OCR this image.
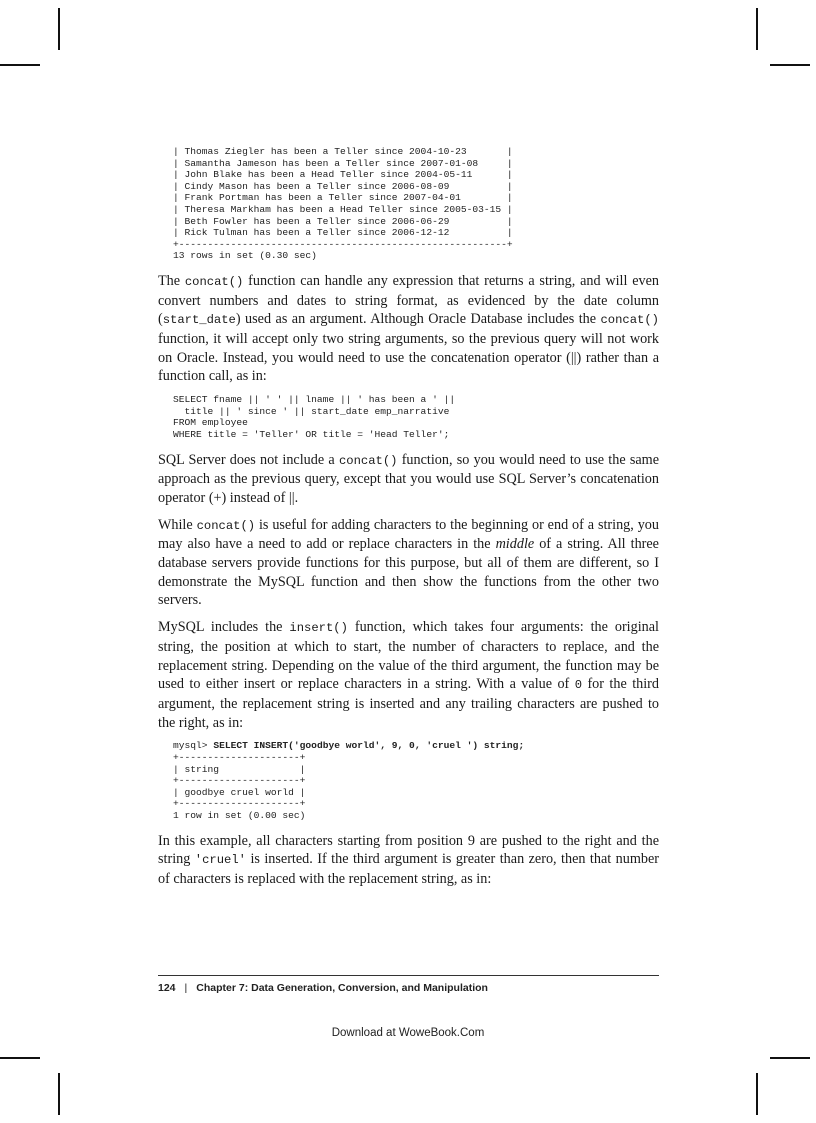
| Thomas Ziegler has been a Teller since 2004-10-23       |
| Samantha Jameson has been a Teller since 2007-01-08     |
| John Blake has been a Head Teller since 2004-05-11      |
| Cindy Mason has been a Teller since 2006-08-09          |
| Frank Portman has been a Teller since 2007-04-01        |
| Theresa Markham has been a Head Teller since 2005-03-15 |
| Beth Fowler has been a Teller since 2006-06-29          |
| Rick Tulman has been a Teller since 2006-12-12          |
+---------------------------------------------------------+
13 rows in set (0.30 sec)

The concat() function can handle any expression that returns a string, and will even convert numbers and dates to string format, as evidenced by the date column (start_date) used as an argument. Although Oracle Database includes the concat() function, it will accept only two string arguments, so the previous query will not work on Oracle. Instead, you would need to use the concatenation operator (||) rather than a function call, as in:

SELECT fname || ' ' || lname || ' has been a ' ||
title || ' since ' || start_date emp_narrative
FROM employee
WHERE title = 'Teller' OR title = 'Head Teller';

SQL Server does not include a concat() function, so you would need to use the same approach as the previous query, except that you would use SQL Server’s concatenation operator (+) instead of ||.

While concat() is useful for adding characters to the beginning or end of a string, you may also have a need to add or replace characters in the middle of a string. All three database servers provide functions for this purpose, but all of them are different, so I demonstrate the MySQL function and then show the functions from the other two servers.

MySQL includes the insert() function, which takes four arguments: the original string, the position at which to start, the number of characters to replace, and the replacement string. Depending on the value of the third argument, the function may be used to either insert or replace characters in a string. With a value of 0 for the third argument, the replacement string is inserted and any trailing characters are pushed to the right, as in:

mysql> SELECT INSERT('goodbye world', 9, 0, 'cruel ') string;
+---------------------+
| string              |
+---------------------+
| goodbye cruel world |
+---------------------+
1 row in set (0.00 sec)

In this example, all characters starting from position 9 are pushed to the right and the string 'cruel' is inserted. If the third argument is greater than zero, then that number of characters is replaced with the replacement string, as in:

124 | Chapter 7: Data Generation, Conversion, and Manipulation
Download at WoweBook.Com
